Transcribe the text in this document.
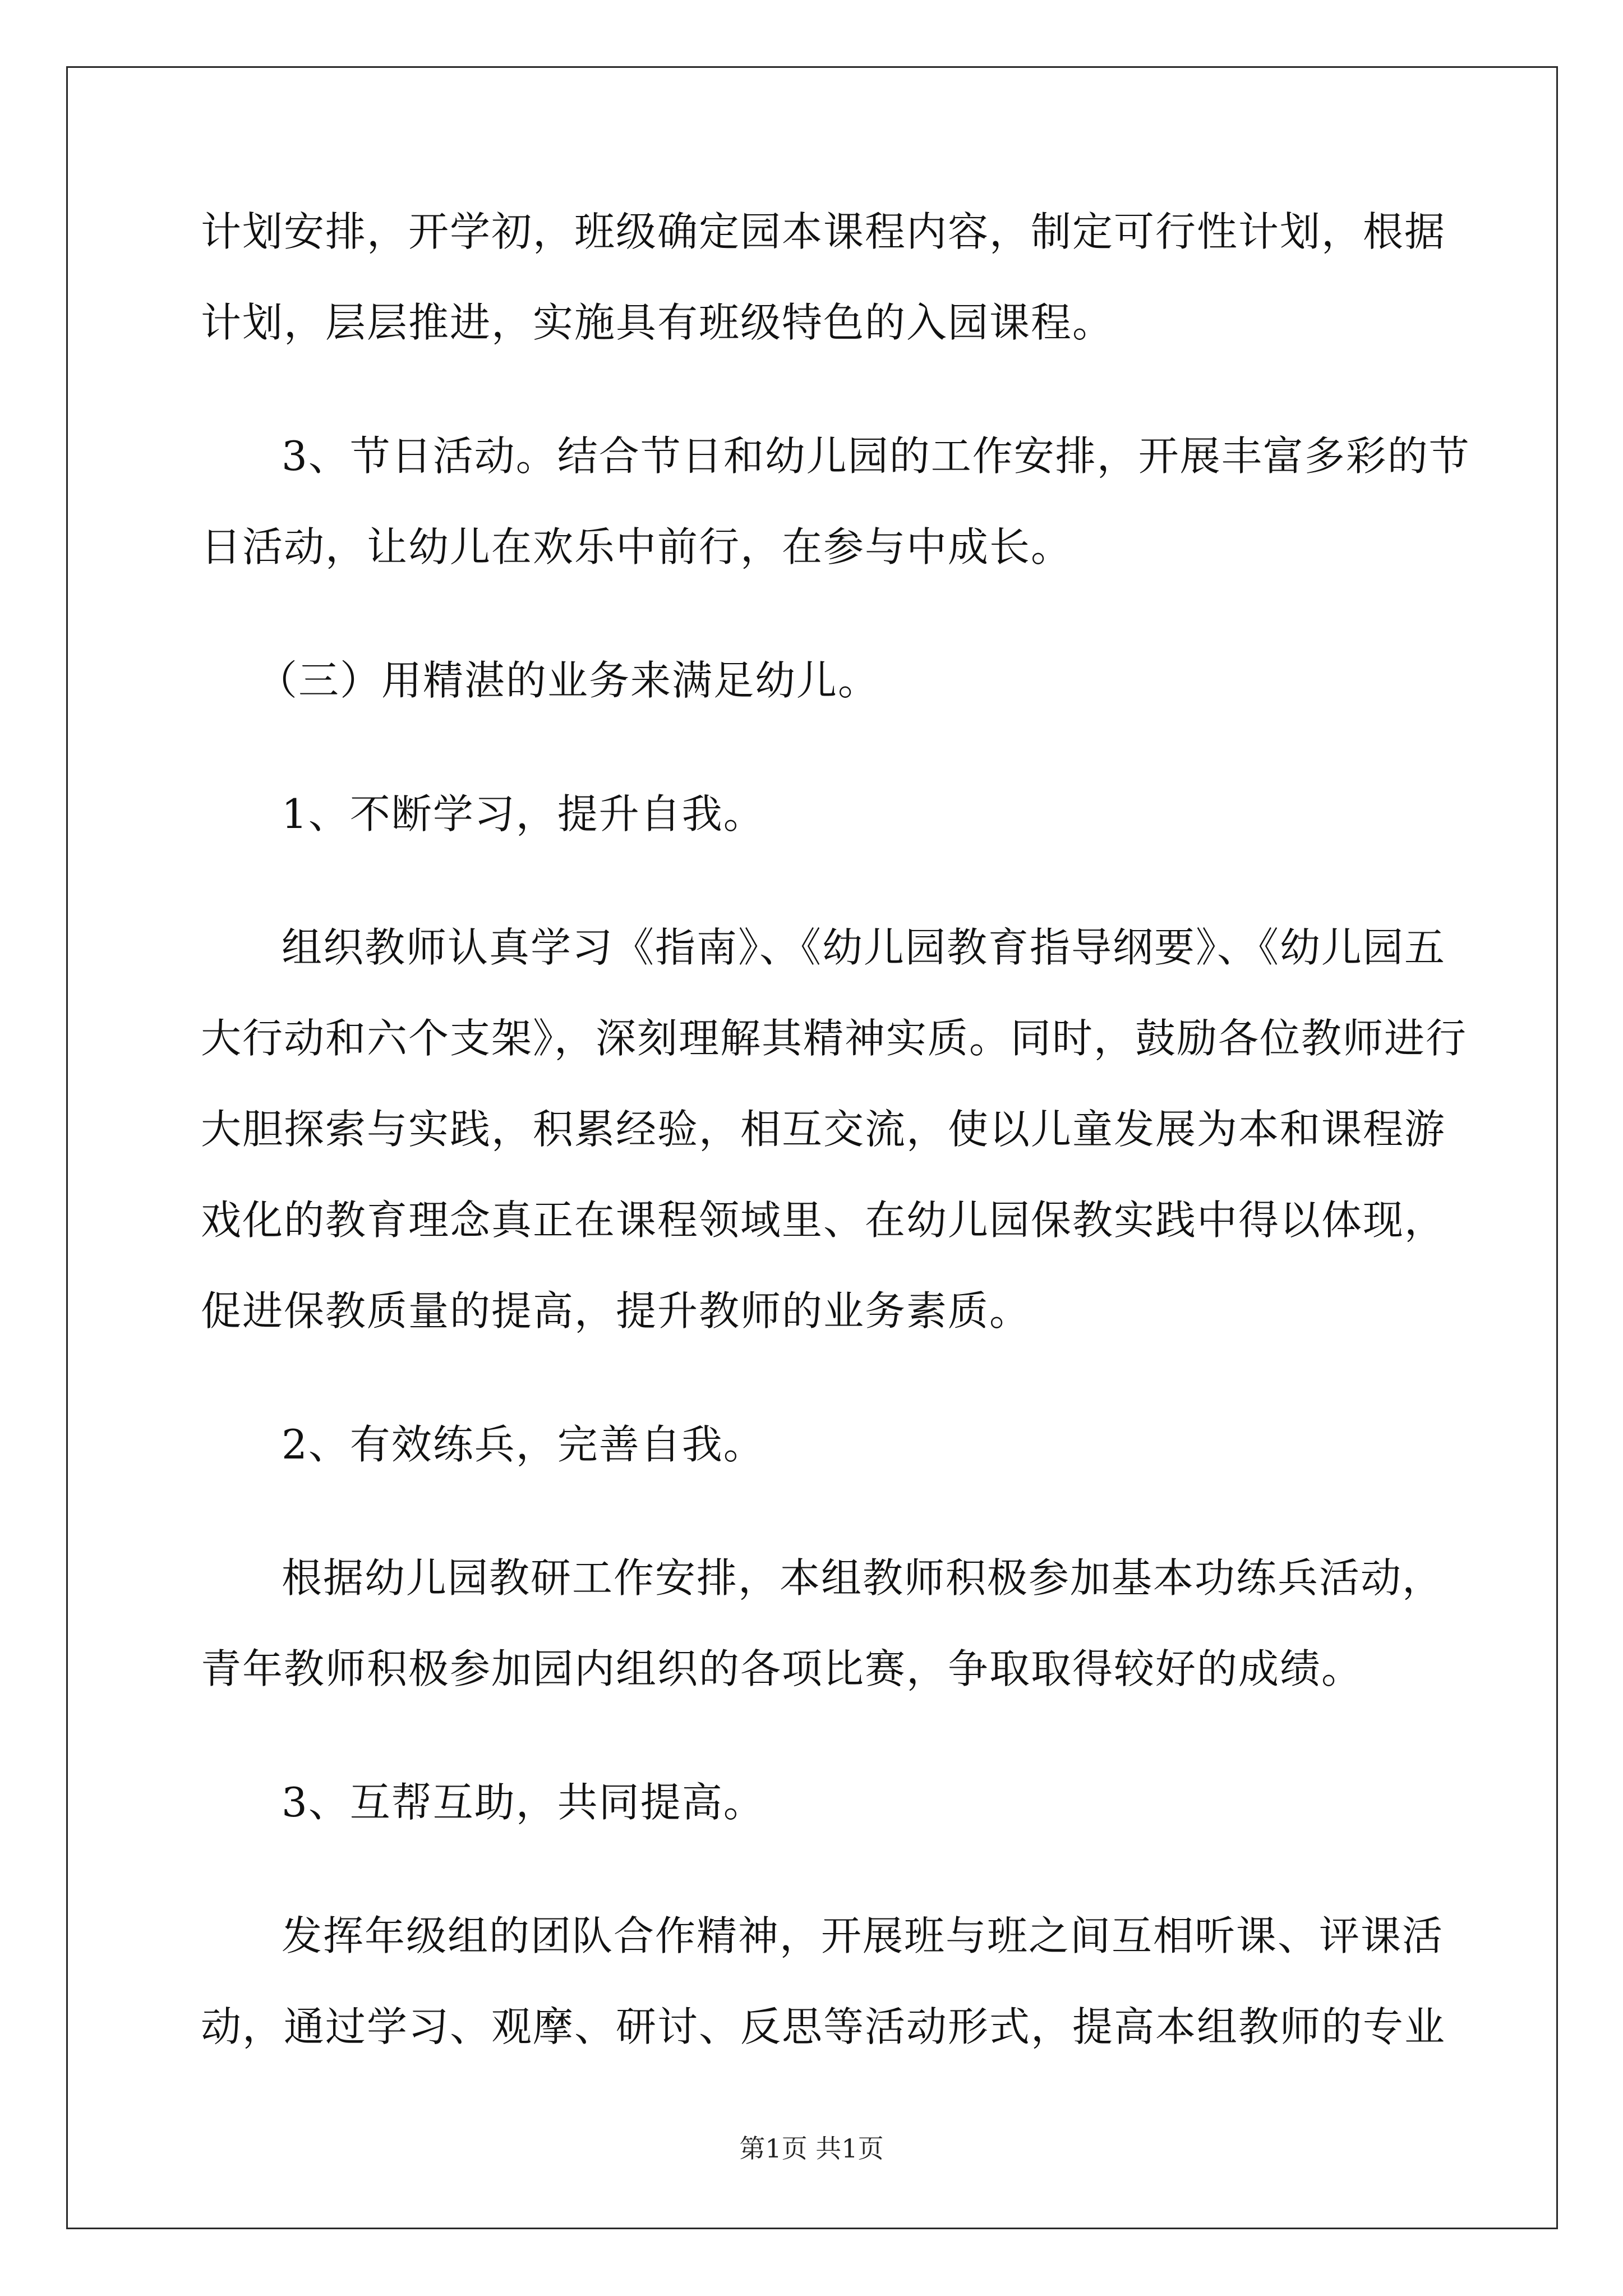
计划安排，开学初，班级确定园本课程内容，制定可行性计划，根据
计划，层层推进，实施具有班级特色的入园课程。
3、节日活动。结合节日和幼儿园的工作安排，开展丰富多彩的节
日活动，让幼儿在欢乐中前行，在参与中成长。
（三）用精湛的业务来满足幼儿。
1、不断学习，提升自我。
组织教师认真学习《指南》、《幼儿园教育指导纲要》、《幼儿园五
大行动和六个支架》，深刻理解其精神实质。同时，鼓励各位教师进行
大胆探索与实践，积累经验，相互交流，使以儿童发展为本和课程游
戏化的教育理念真正在课程领域里、在幼儿园保教实践中得以体现，
促进保教质量的提高，提升教师的业务素质。
2、有效练兵，完善自我。
根据幼儿园教研工作安排，本组教师积极参加基本功练兵活动，
青年教师积极参加园内组织的各项比赛，争取取得较好的成绩。
3、互帮互助，共同提高。
发挥年级组的团队合作精神，开展班与班之间互相听课、评课活
动，通过学习、观摩、研讨、反思等活动形式，提高本组教师的专业
第1页 共1页
